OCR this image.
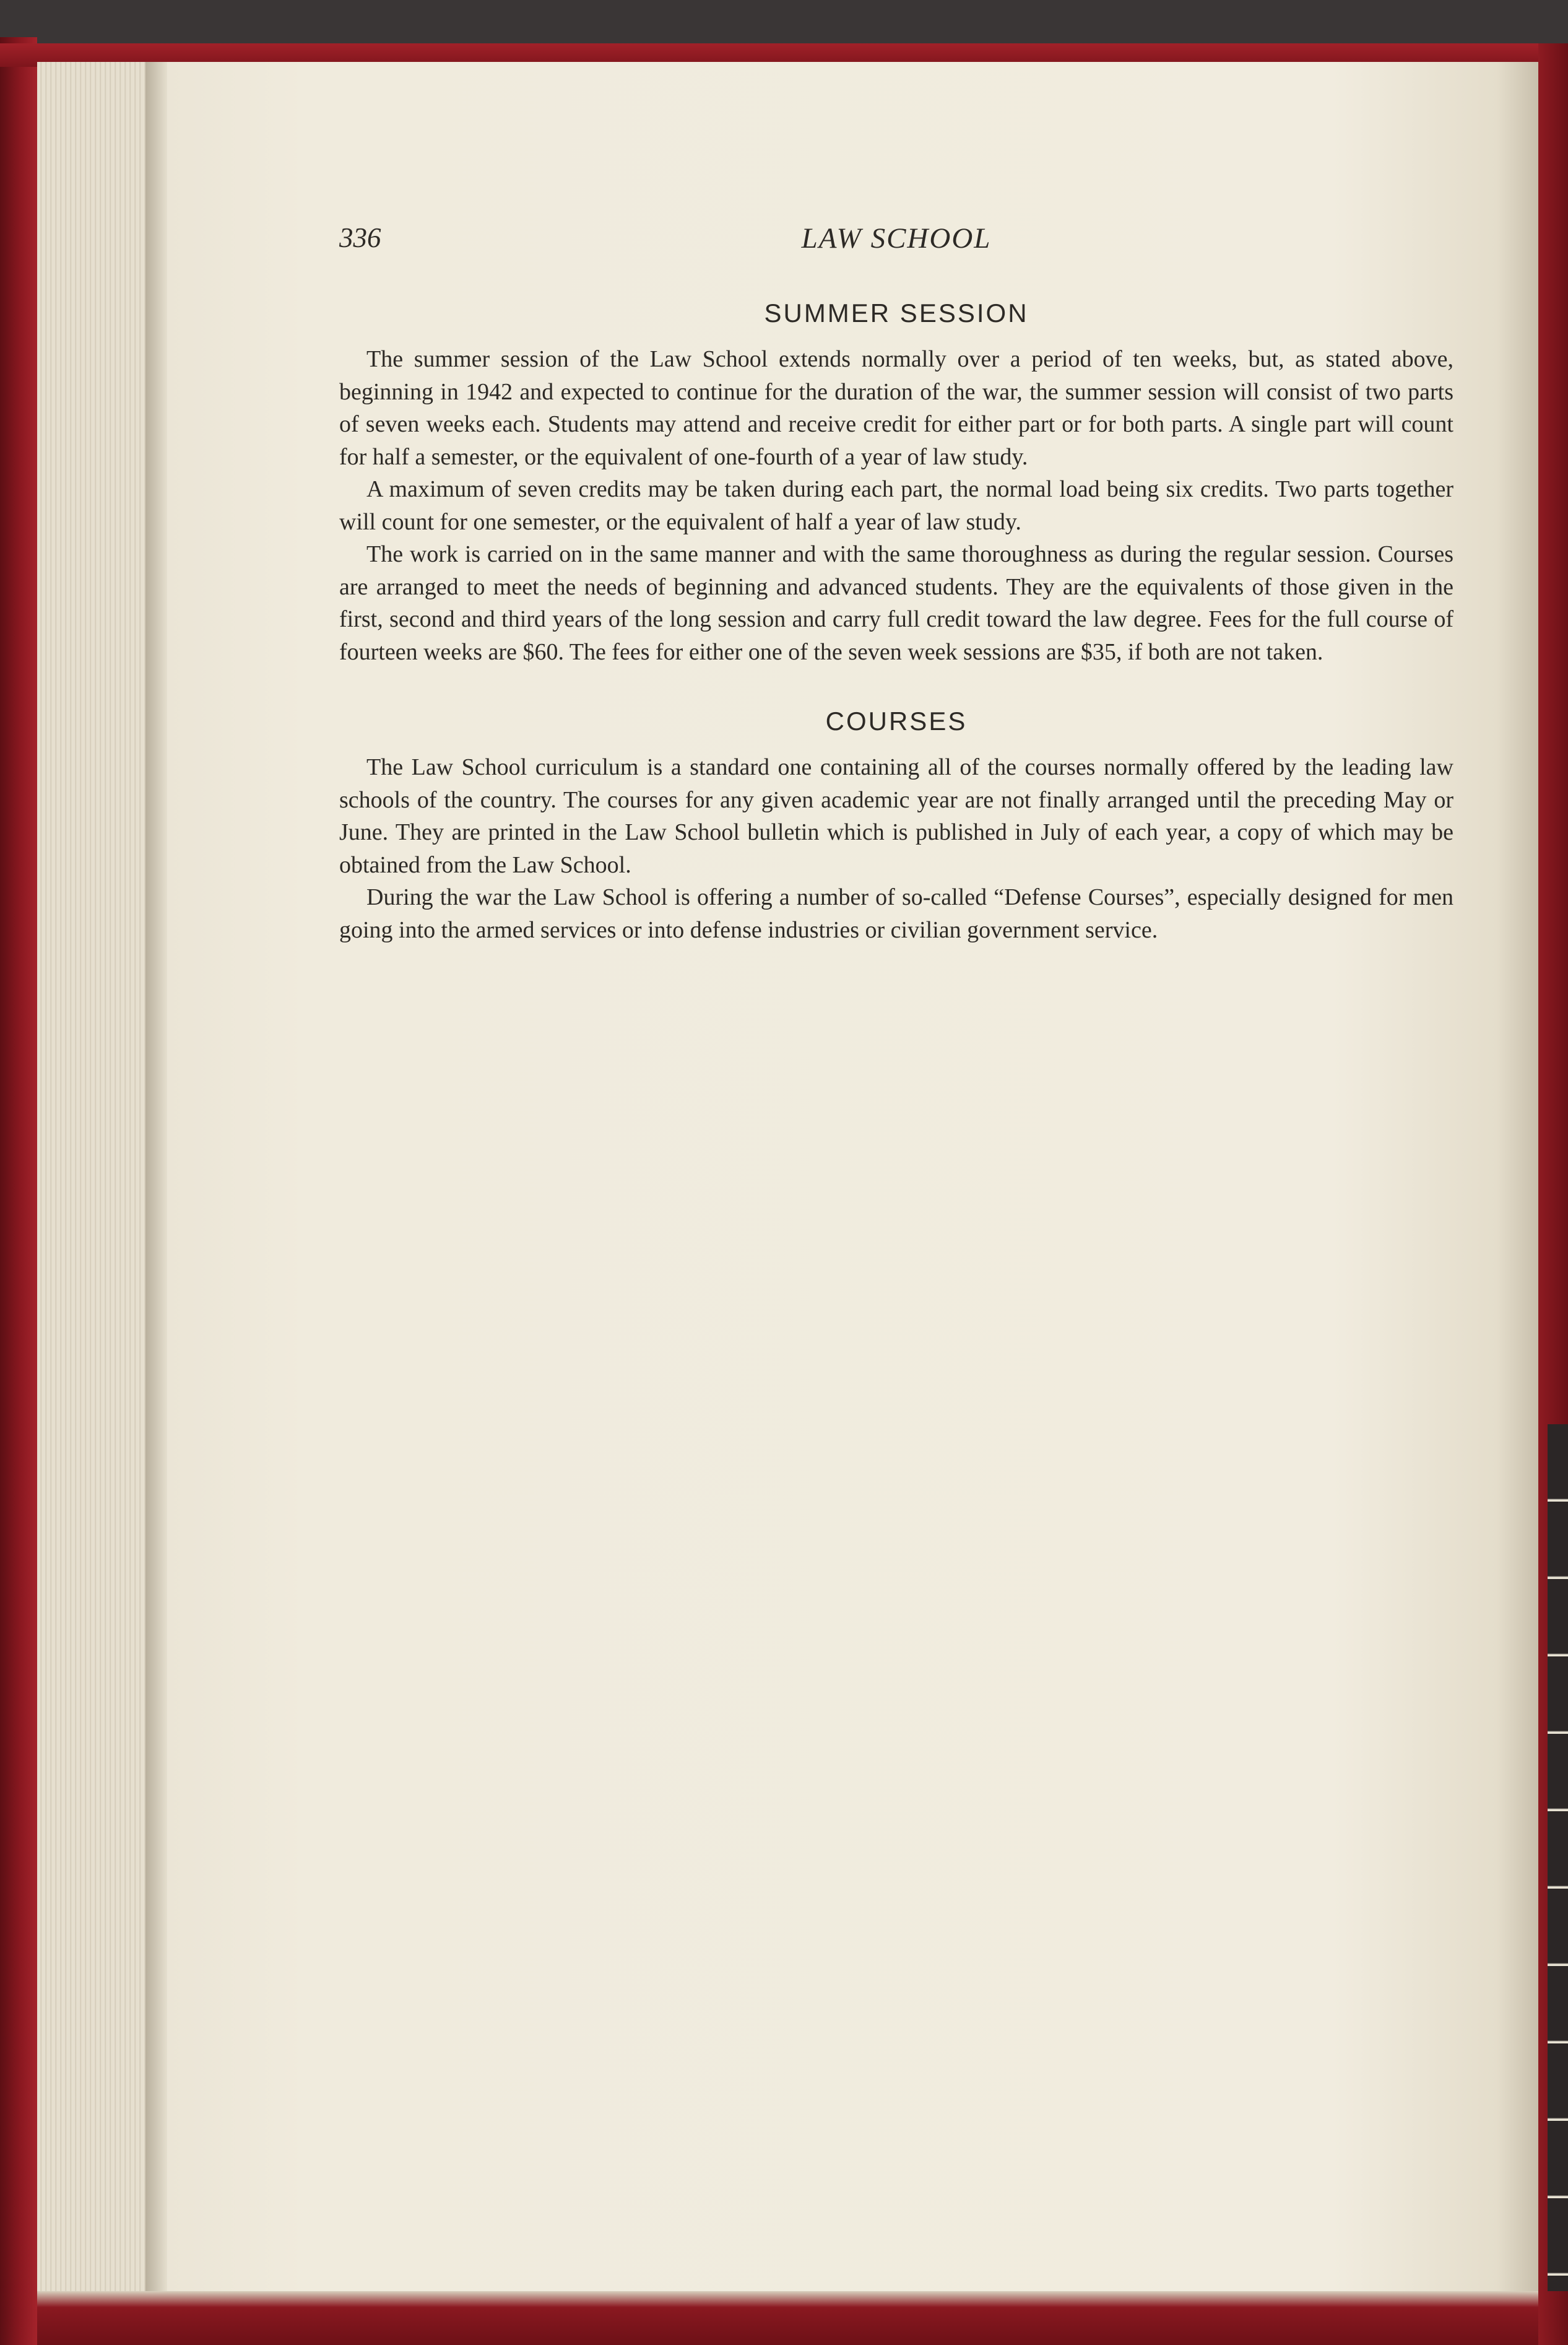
336	LAW SCHOOL
SUMMER SESSION

The summer session of the Law School extends normally over a period of ten weeks, but, as stated above, beginning in 1942 and expected to continue for the duration of the war, the summer session will consist of two parts of seven weeks each. Students may attend and receive credit for either part or for both parts. A single part will count for half a semester, or the equivalent of one-fourth of a year of law study.

A maximum of seven credits may be taken during each part, the normal load being six credits. Two parts together will count for one semester, or the equivalent of half a year of law study.

The work is carried on in the same manner and with the same thoroughness as during the regular session. Courses are arranged to meet the needs of beginning and advanced students. They are the equivalents of those given in the first, second and third years of the long session and carry full credit toward the law degree. Fees for the full course of fourteen weeks are $60. The fees for either one of the seven week sessions are $35, if both are not taken.

COURSES

The Law School curriculum is a standard one containing all of the courses normally offered by the leading law schools of the country. The courses for any given academic year are not finally arranged until the preceding May or June. They are printed in the Law School bulletin which is published in July of each year, a copy of which may be obtained from the Law School.

During the war the Law School is offering a number of so-called “Defense Courses”, especially designed for men going into the armed services or into defense industries or civilian government service.
